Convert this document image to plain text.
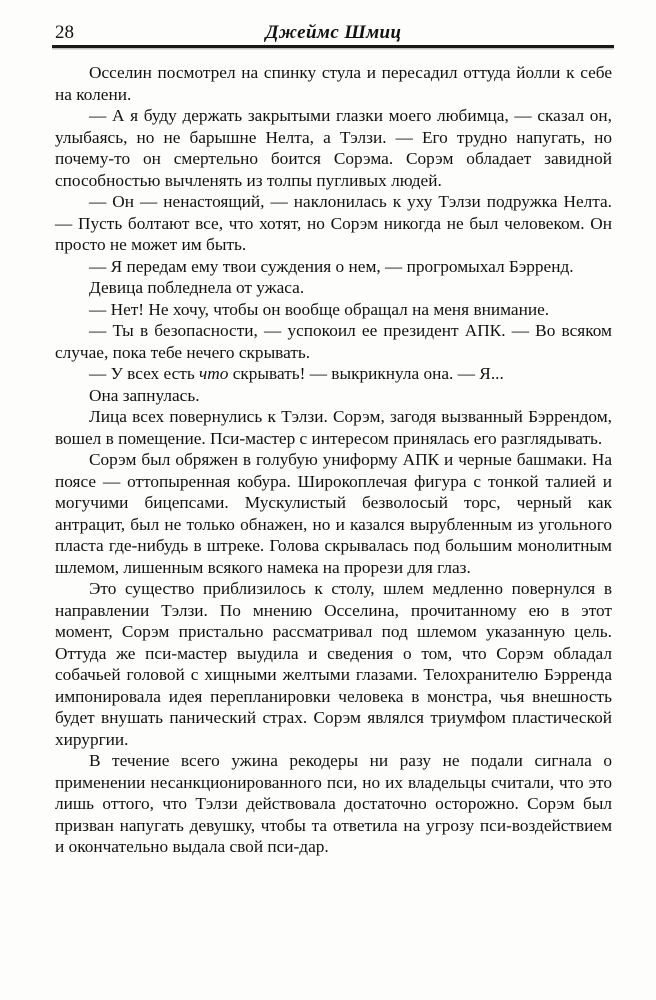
28	Джеймс Шмиц

Осселин посмотрел на спинку стула и пересадил оттуда йолли к себе на колени.

— А я буду держать закрытыми глазки моего любимца, — сказал он, улыбаясь, но не барышне Нелта, а Тэлзи. — Его трудно напугать, но почему-то он смертельно боится Сорэма. Сорэм обладает завидной способностью вычленять из толпы пугливых людей.

— Он — ненастоящий, — наклонилась к уху Тэлзи подружка Нелта. — Пусть болтают все, что хотят, но Сорэм никогда не был человеком. Он просто не может им быть.

— Я передам ему твои суждения о нем, — прогромыхал Бэрренд.

Девица побледнела от ужаса.

— Нет! Не хочу, чтобы он вообще обращал на меня внимание.

— Ты в безопасности, — успокоил ее президент АПК. — Во всяком случае, пока тебе нечего скрывать.

— У всех есть что скрывать! — выкрикнула она. — Я...

Она запнулась.

Лица всех повернулись к Тэлзи. Сорэм, загодя вызванный Бэррендом, вошел в помещение. Пси-мастер с интересом принялась его разглядывать.

Сорэм был обряжен в голубую униформу АПК и черные башмаки. На поясе — оттопыренная кобура. Широкоплечая фигура с тонкой талией и могучими бицепсами. Мускулистый безволосый торс, черный как антрацит, был не только обнажен, но и казался вырубленным из угольного пласта где-нибудь в штреке. Голова скрывалась под большим монолитным шлемом, лишенным всякого намека на прорези для глаз.

Это существо приблизилось к столу, шлем медленно повернулся в направлении Тэлзи. По мнению Осселина, прочитанному ею в этот момент, Сорэм пристально рассматривал под шлемом указанную цель. Оттуда же пси-мастер выудила и сведения о том, что Сорэм обладал собачьей головой с хищными желтыми глазами. Телохранителю Бэрренда импонировала идея перепланировки человека в монстра, чья внешность будет внушать панический страх. Сорэм являлся триумфом пластической хирургии.

В течение всего ужина рекодеры ни разу не подали сигнала о применении несанкционированного пси, но их владельцы считали, что это лишь оттого, что Тэлзи действовала достаточно осторожно. Сорэм был призван напугать девушку, чтобы та ответила на угрозу пси-воздействием и окончательно выдала свой пси-дар.
